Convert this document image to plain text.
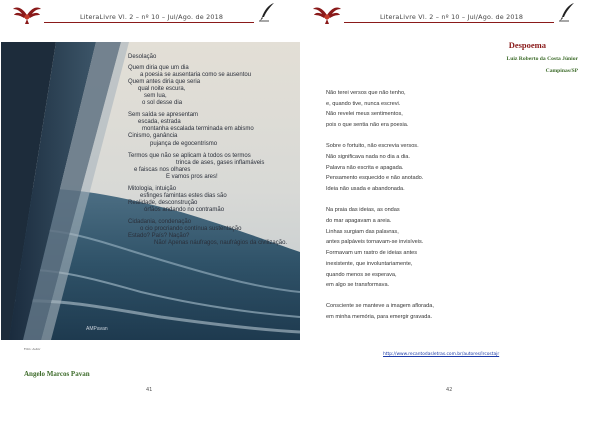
LiteraLivre Vl. 2 – nº 10 – Jul/Ago. de 2018
Desolação
Quem diria que um dia
a poesia se ausentaria como se ausentou
Quem antes diria que seria
qual noite escura,
sem lua,
o sol desse dia
Sem saída se apresentam
escada, estrada
montanha escalada terminada em abismo
Cinismo, ganância
pujança de egocentrismo
Termos que não se aplicam à todos os termos
trinca de ases, gases inflamáveis
e faiscas nos olhares
E vamos pros ares!
Mitologia, intuição
esfinges famintas estes dias são
Realidade, desconstrução
órfãos andando no contramão
Cidadania, condenação
o cio procriando contínua sustentação
Estado? País? Nação?
Não! Apenas náufragos, naufrágios da civilização.
AMPavan
Foto: Autor
Angelo Marcos Pavan
41
LiteraLivre Vl. 2 – nº 10 – Jul/Ago. de 2018
Despoema
Luiz Roberto da Costa Júnior
Campinas/SP
Não terei versos que não tenho,
e, quando tive, nunca escrevi.
Não revelei meus sentimentos,
pois o que sentia não era poesia.
Sobre o fortuito, não escrevia versos.
Não significava nada no dia a dia.
Palavra não escrita e apagada.
Pensamento esquecido e não anotado.
Ideia não usada e abandonada.
Na praia das ideias, as ondas
do mar apagavam a areia.
Linhas surgiam das palavras,
antes palpáveis tornavam-se invisíveis.
Formavam um rastro de ideias antes
inexistente, que involuntariamente,
quando menos se esperava,
em algo se transformava.
Consciente se manteve a imagem aflorada,
em minha memória, para emergir gravada.
http://www.recantodasletras.com.br/autores/lrcostajr
42
